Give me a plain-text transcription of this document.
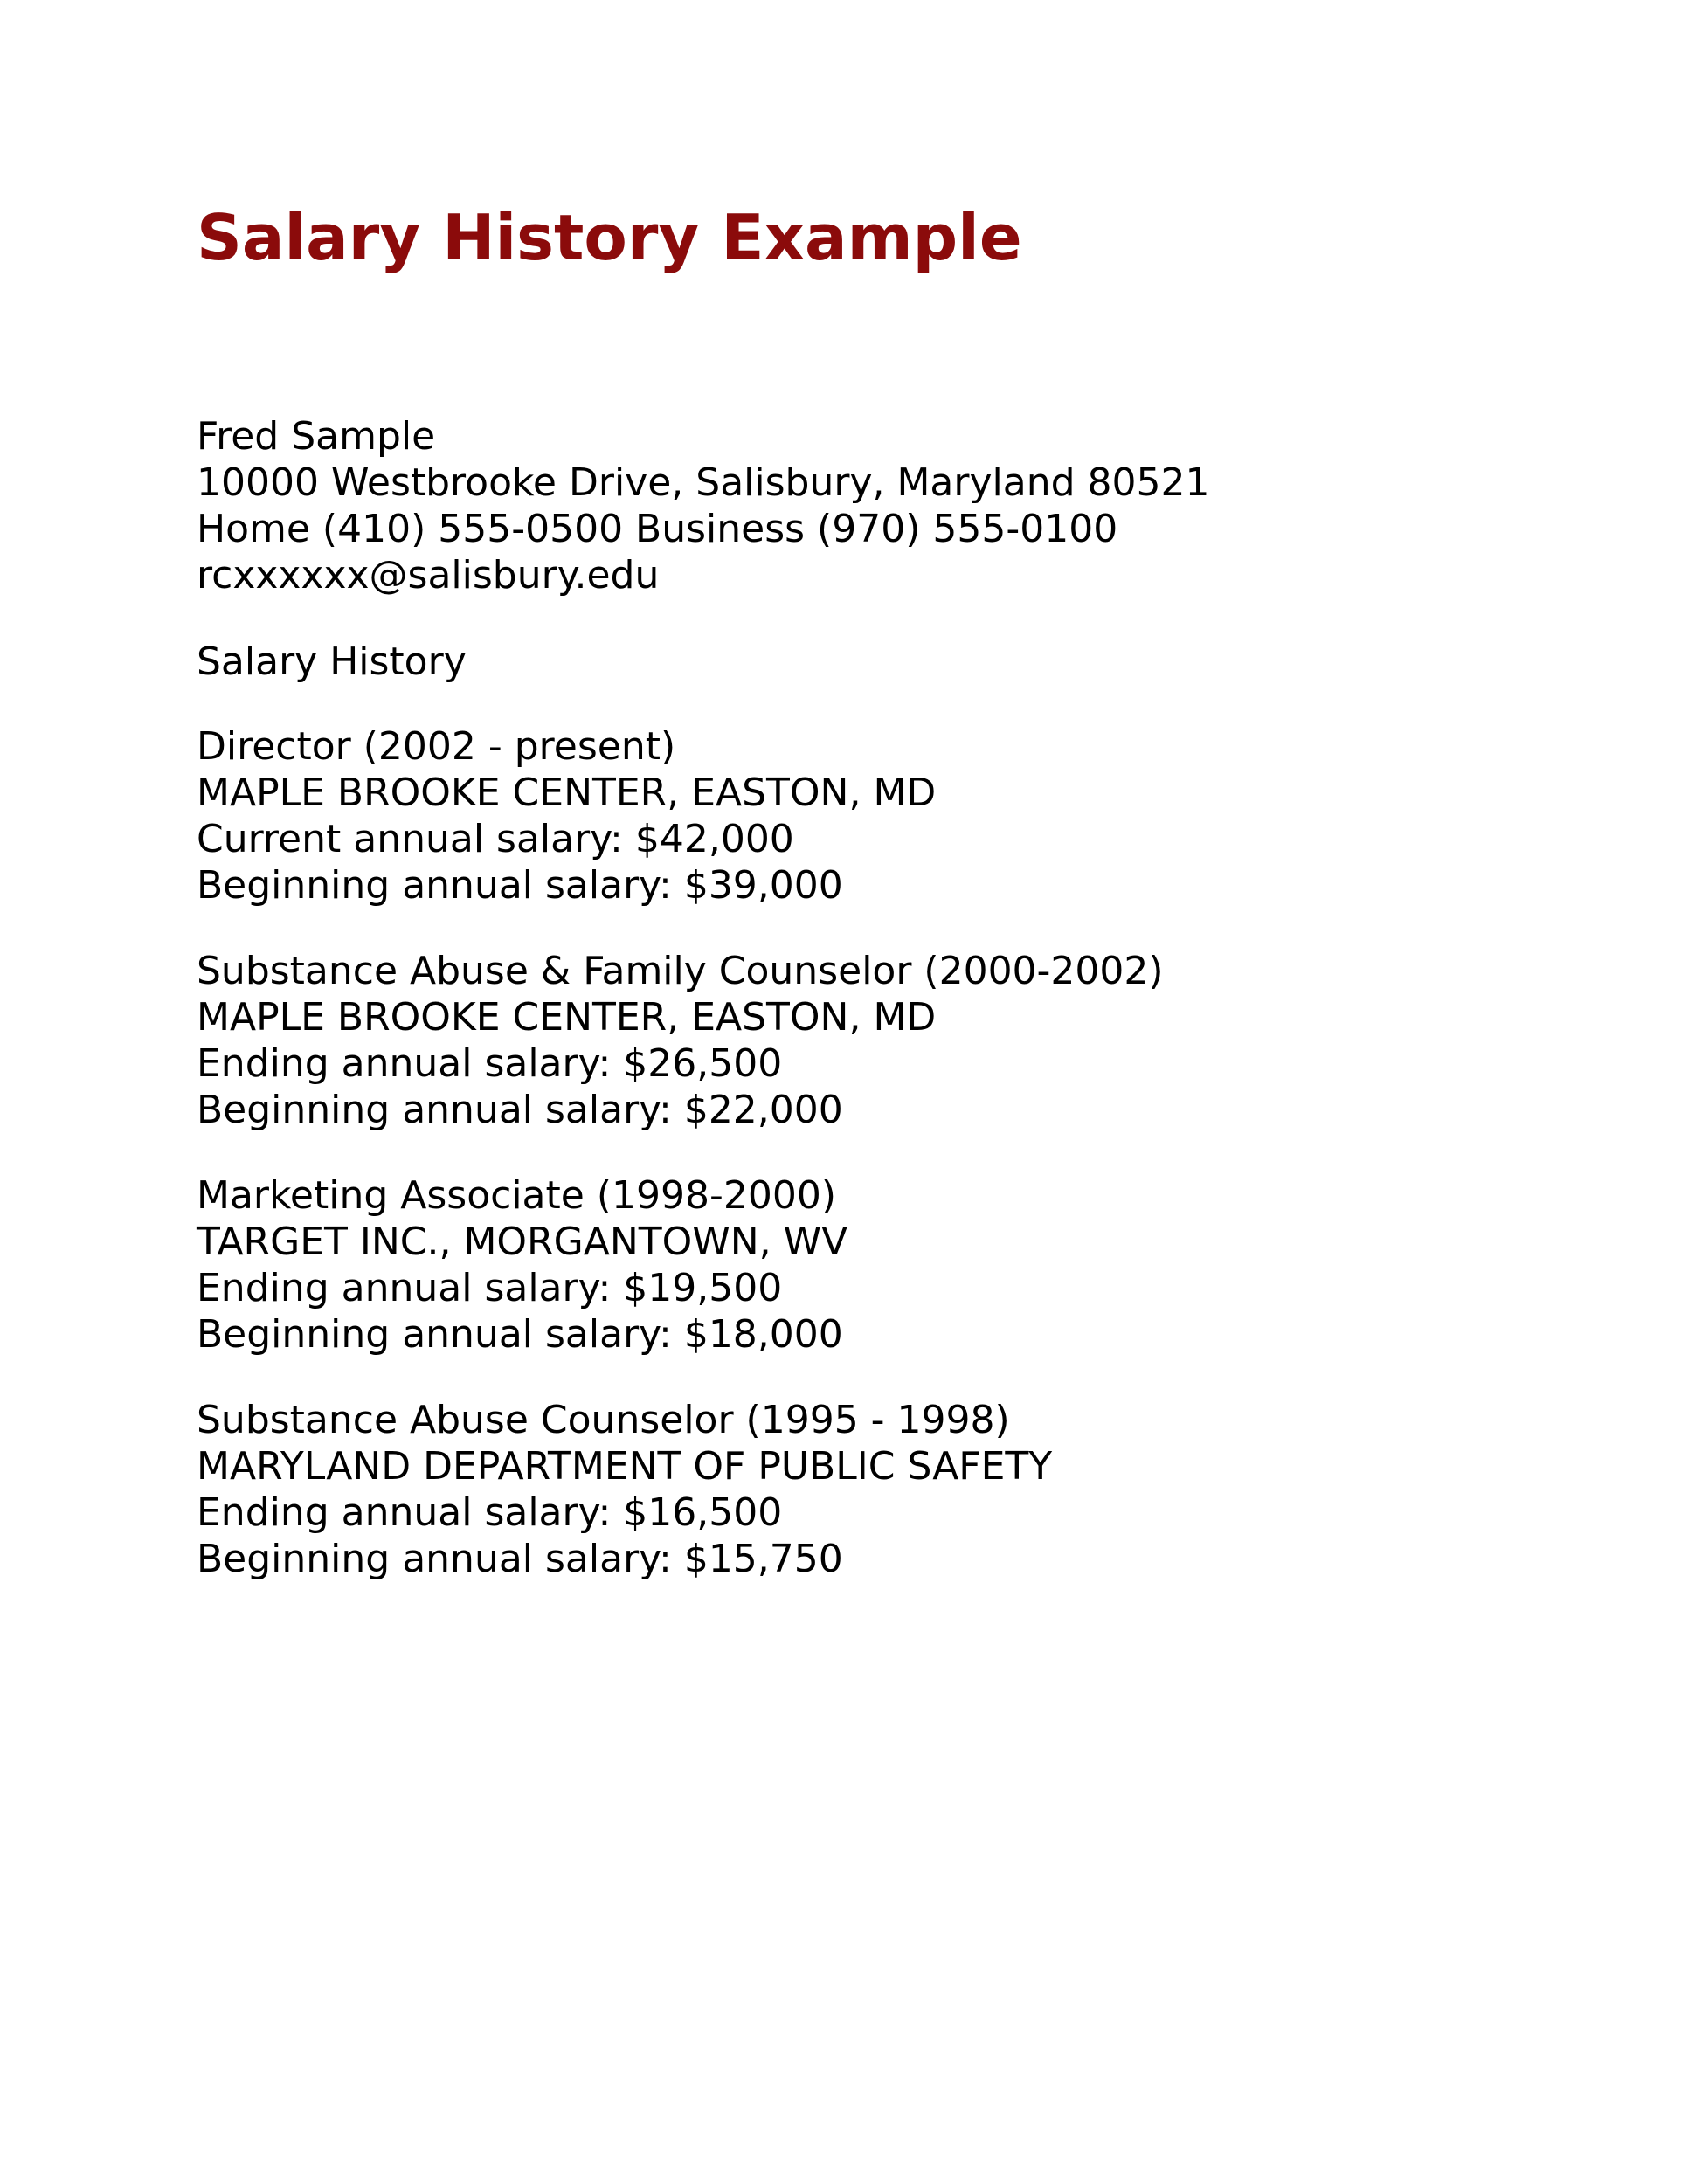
Salary History Example
Fred Sample
10000 Westbrooke Drive, Salisbury, Maryland 80521
Home (410) 555-0500 Business (970) 555-0100
rcxxxxxx@salisbury.edu
Salary History
Director (2002 - present)
MAPLE BROOKE CENTER, EASTON, MD
Current annual salary: $42,000
Beginning annual salary: $39,000
Substance Abuse & Family Counselor (2000-2002)
MAPLE BROOKE CENTER, EASTON, MD
Ending annual salary: $26,500
Beginning annual salary: $22,000
Marketing Associate (1998-2000)
TARGET INC., MORGANTOWN, WV
Ending annual salary: $19,500
Beginning annual salary: $18,000
Substance Abuse Counselor (1995 - 1998)
MARYLAND DEPARTMENT OF PUBLIC SAFETY
Ending annual salary: $16,500
Beginning annual salary: $15,750
